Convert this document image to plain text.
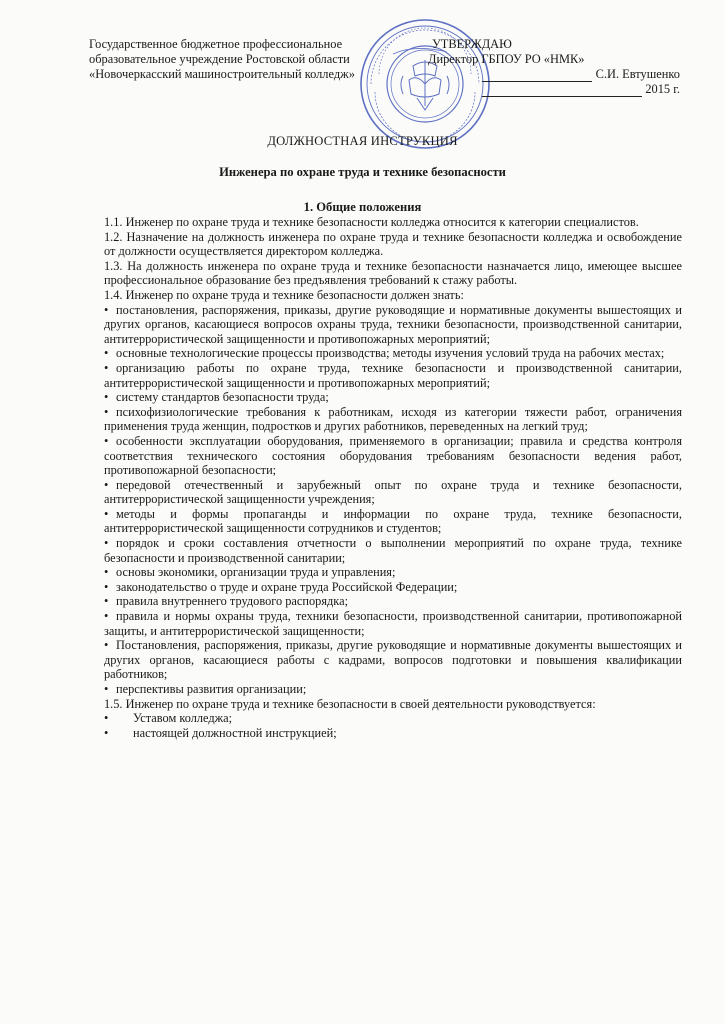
Государственное бюджетное профессиональное
образовательное учреждение Ростовской области
«Новочеркасский машиностроительный колледж»
УТВЕРЖДАЮ
Директор ГБПОУ РО «НМК»
С.И. Евтушенко
2015 г.
ДОЛЖНОСТНАЯ ИНСТРУКЦИЯ
Инженера по охране труда и технике безопасности
1. Общие положения

1.1. Инженер по охране труда и технике безопасности колледжа относится к категории специалистов.

1.2. Назначение на должность инженера по охране труда и технике безопасности колледжа и освобождение от должности осуществляется директором колледжа.

1.3. На должность инженера по охране труда и технике безопасности назначается лицо, имеющее высшее профессиональное образование без предъявления требований к стажу работы.

1.4. Инженер по охране труда и технике безопасности должен знать:

• постановления, распоряжения, приказы, другие руководящие и нормативные документы вышестоящих и других органов, касающиеся вопросов охраны труда, техники безопасности, производственной санитарии, антитеррористической защищенности и противопожарных мероприятий;

• основные технологические процессы производства; методы изучения условий труда на рабочих местах;

• организацию работы по охране труда, технике безопасности и производственной санитарии, антитеррористической защищенности и противопожарных мероприятий;

• систему стандартов безопасности труда;

• психофизиологические требования к работникам, исходя из категории тяжести работ, ограничения применения труда женщин, подростков и других работников, переведенных на легкий труд;

• особенности эксплуатации оборудования, применяемого в организации; правила и средства контроля соответствия технического состояния оборудования требованиям безопасности ведения работ, противопожарной безопасности;

• передовой отечественный и зарубежный опыт по охране труда и технике безопасности, антитеррористической защищенности учреждения;

• методы и формы пропаганды и информации по охране труда, технике безопасности, антитеррористической защищенности сотрудников и студентов;

• порядок и сроки составления отчетности о выполнении мероприятий по охране труда, технике безопасности и производственной санитарии;

• основы экономики, организации труда и управления;

• законодательство о труде и охране труда Российской Федерации;

• правила внутреннего трудового распорядка;

• правила и нормы охраны труда, техники безопасности, производственной санитарии, противопожарной защиты, и антитеррористической защищенности;

• Постановления, распоряжения, приказы, другие руководящие и нормативные документы вышестоящих и других органов, касающиеся работы с кадрами, вопросов подготовки и повышения квалификации работников;

• перспективы развития организации;

1.5. Инженер по охране труда и технике безопасности в своей деятельности руководствуется:

• Уставом колледжа;

• настоящей должностной инструкцией;
